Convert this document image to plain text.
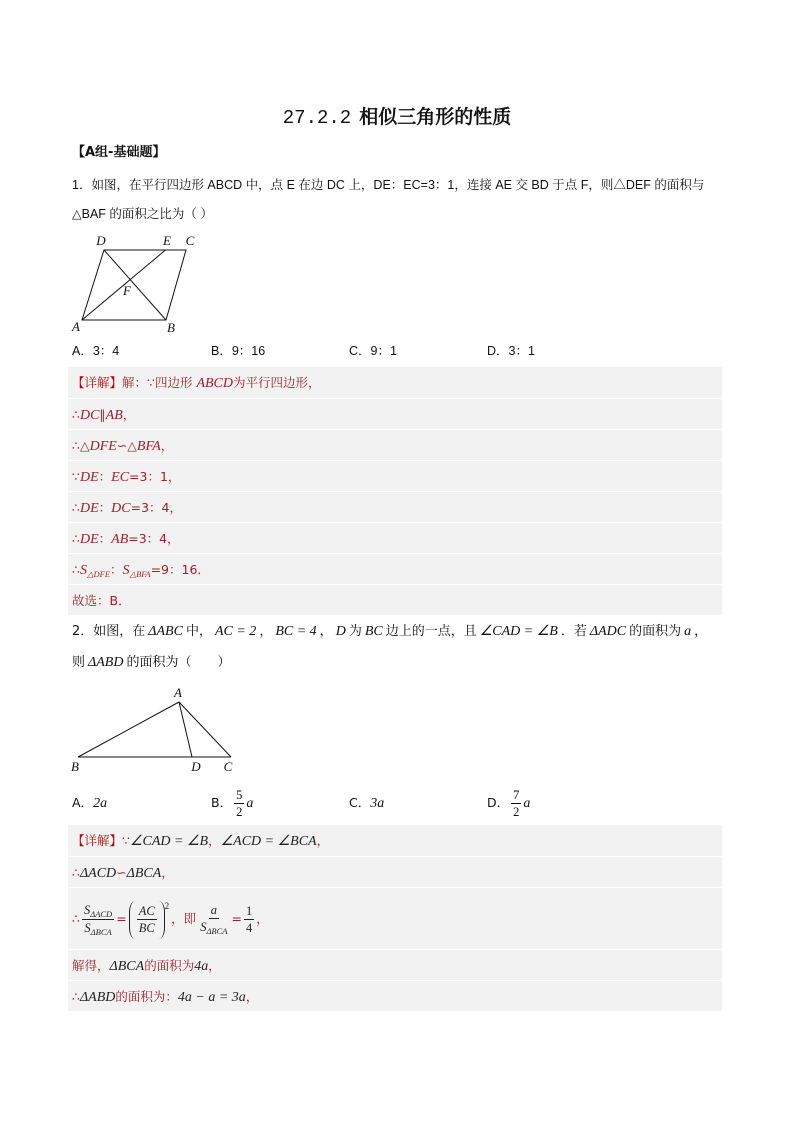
27.2.2 相似三角形的性质
【A组-基础题】
1．如图，在平行四边形 ABCD 中，点 E 在边 DC 上，DE：EC=3：1，连接 AE 交 BD 于点 F，则△DEF 的面积与
△BAF 的面积之比为（ ）
D	E C
F
A	B
A．3：4	B．9：16	C．9：1	D．3：1
【详解】解：∵四边形 ABCD为平行四边形，
∴DC∥AB，
∴△DFE∽△BFA，
∵DE：EC=3：1，
∴DE：DC=3：4，
∴DE：AB=3：4，
$\therefore S_{\triangle DFE}$：$S_{\triangle BFA}=9$：16．
故选：B．
2．如图，在 ΔABC 中， AC = 2 ， BC = 4 ， D 为 BC 边上的一点，且 ∠CAD = ∠B ．若 ΔADC 的面积为 a ，
则 ΔABD 的面积为（　　）
A
B	D C
A．2a	B． $\frac{5}{2}$ a	C．3a	D． $\frac{7}{2}$ a
【详解】∵∠CAD = ∠B，∠ACD = ∠BCA，
∴ΔACD∽ΔBCA，
∴ $\frac{S_{\Delta ACD}}{S_{\Delta BCA}} = \frac{AC}{BC} ^2$
，即 $\frac{a}{S_{\Delta BCA}} = \frac{1}{4}$ ，
解得，ΔBCA的面积为4a，
∴ΔABD的面积为：4a − a = 3a，
